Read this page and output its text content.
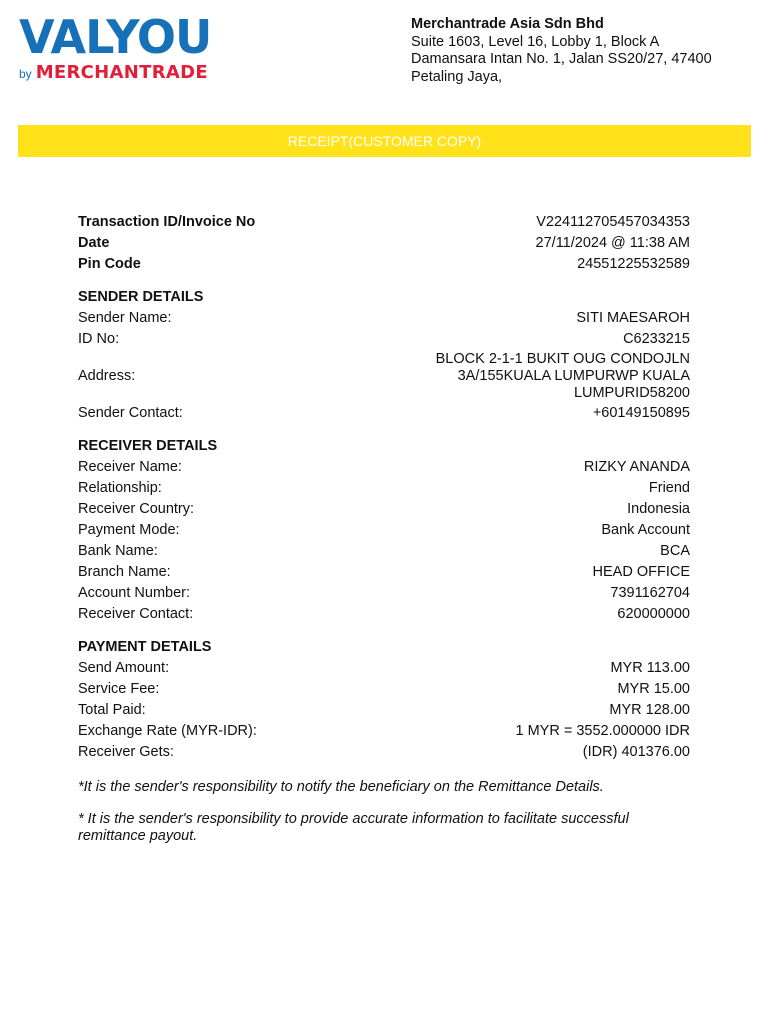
VALYOU
by MERCHANTRADE
Merchantrade Asia Sdn Bhd
Suite 1603, Level 16, Lobby 1, Block A
Damansara Intan No. 1, Jalan SS20/27, 47400
Petaling Jaya,
RECEIPT(CUSTOMER COPY)
Transaction ID/Invoice No	V224112705457034353
Date	27/11/2024 @ 11:38 AM
Pin Code	24551225532589
SENDER DETAILS
Sender Name:	SITI MAESAROH
ID No:	C6233215
Address:
BLOCK 2-1-1 BUKIT OUG CONDOJLN 3A/155KUALA LUMPURWP KUALA LUMPURID58200
Sender Contact:	+60149150895
RECEIVER DETAILS
Receiver Name:	RIZKY ANANDA
Relationship:	Friend
Receiver Country:	Indonesia
Payment Mode:	Bank Account
Bank Name:	BCA
Branch Name:	HEAD OFFICE
Account Number:	7391162704
Receiver Contact:	620000000
PAYMENT DETAILS
Send Amount:	MYR 113.00
Service Fee:	MYR 15.00
Total Paid:	MYR 128.00
Exchange Rate (MYR-IDR):	1 MYR = 3552.000000 IDR
Receiver Gets:	(IDR) 401376.00

*It is the sender's responsibility to notify the beneficiary on the Remittance Details.

* It is the sender's responsibility to provide accurate information to facilitate successful remittance payout.
